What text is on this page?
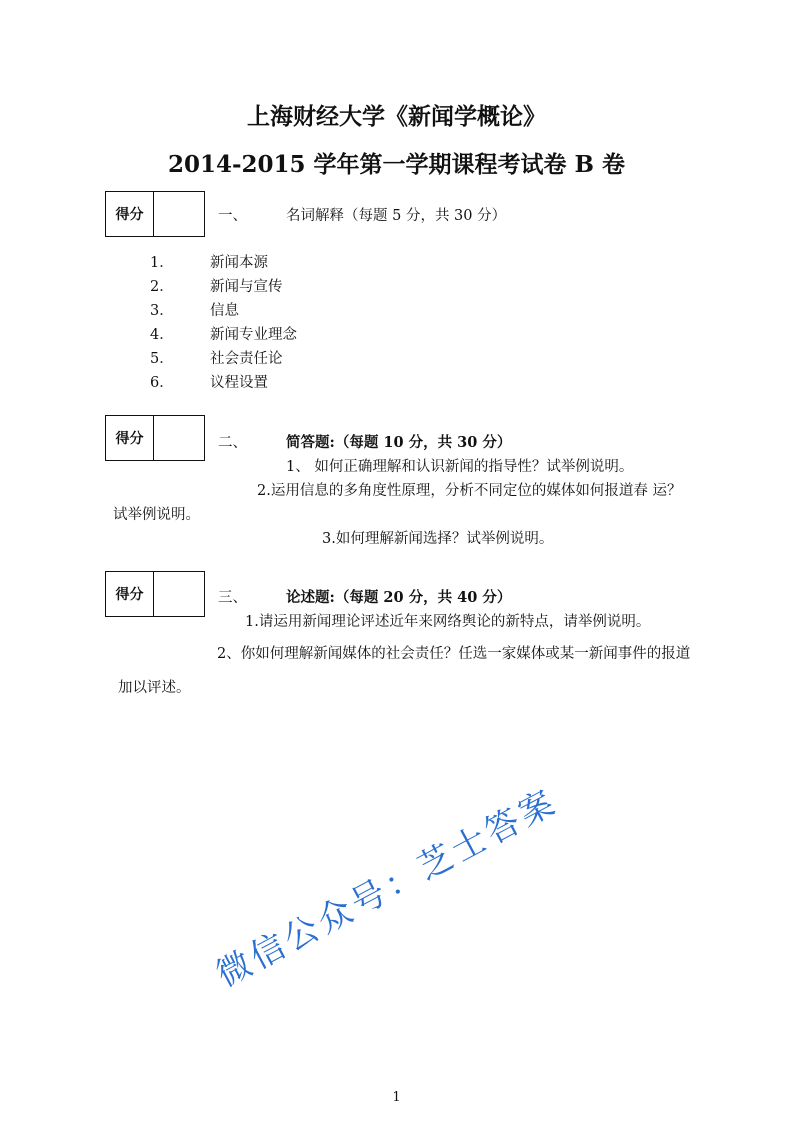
上海财经大学《新闻学概论》
2014-2015 学年第一学期课程考试卷 B 卷
得分	一、	名词解释（每题 5 分，共 30 分）
1．	新闻本源
2．	新闻与宣传
3．	信息
4．	新闻专业理念
5．	社会责任论
6．	议程设置
得分	二、	简答题:（每题 10 分，共 30 分）
1、 如何正确理解和认识新闻的指导性？试举例说明。
2.运用信息的多角度性原理，分析不同定位的媒体如何报道春 运？
试举例说明。
3.如何理解新闻选择？试举例说明。
得分	三、	论述题:（每题 20 分，共 40 分）
1.请运用新闻理论评述近年来网络舆论的新特点，请举例说明。
2、你如何理解新闻媒体的社会责任？任选一家媒体或某一新闻事件的报道
加以评述。
微信公众号：芝士答案
1
